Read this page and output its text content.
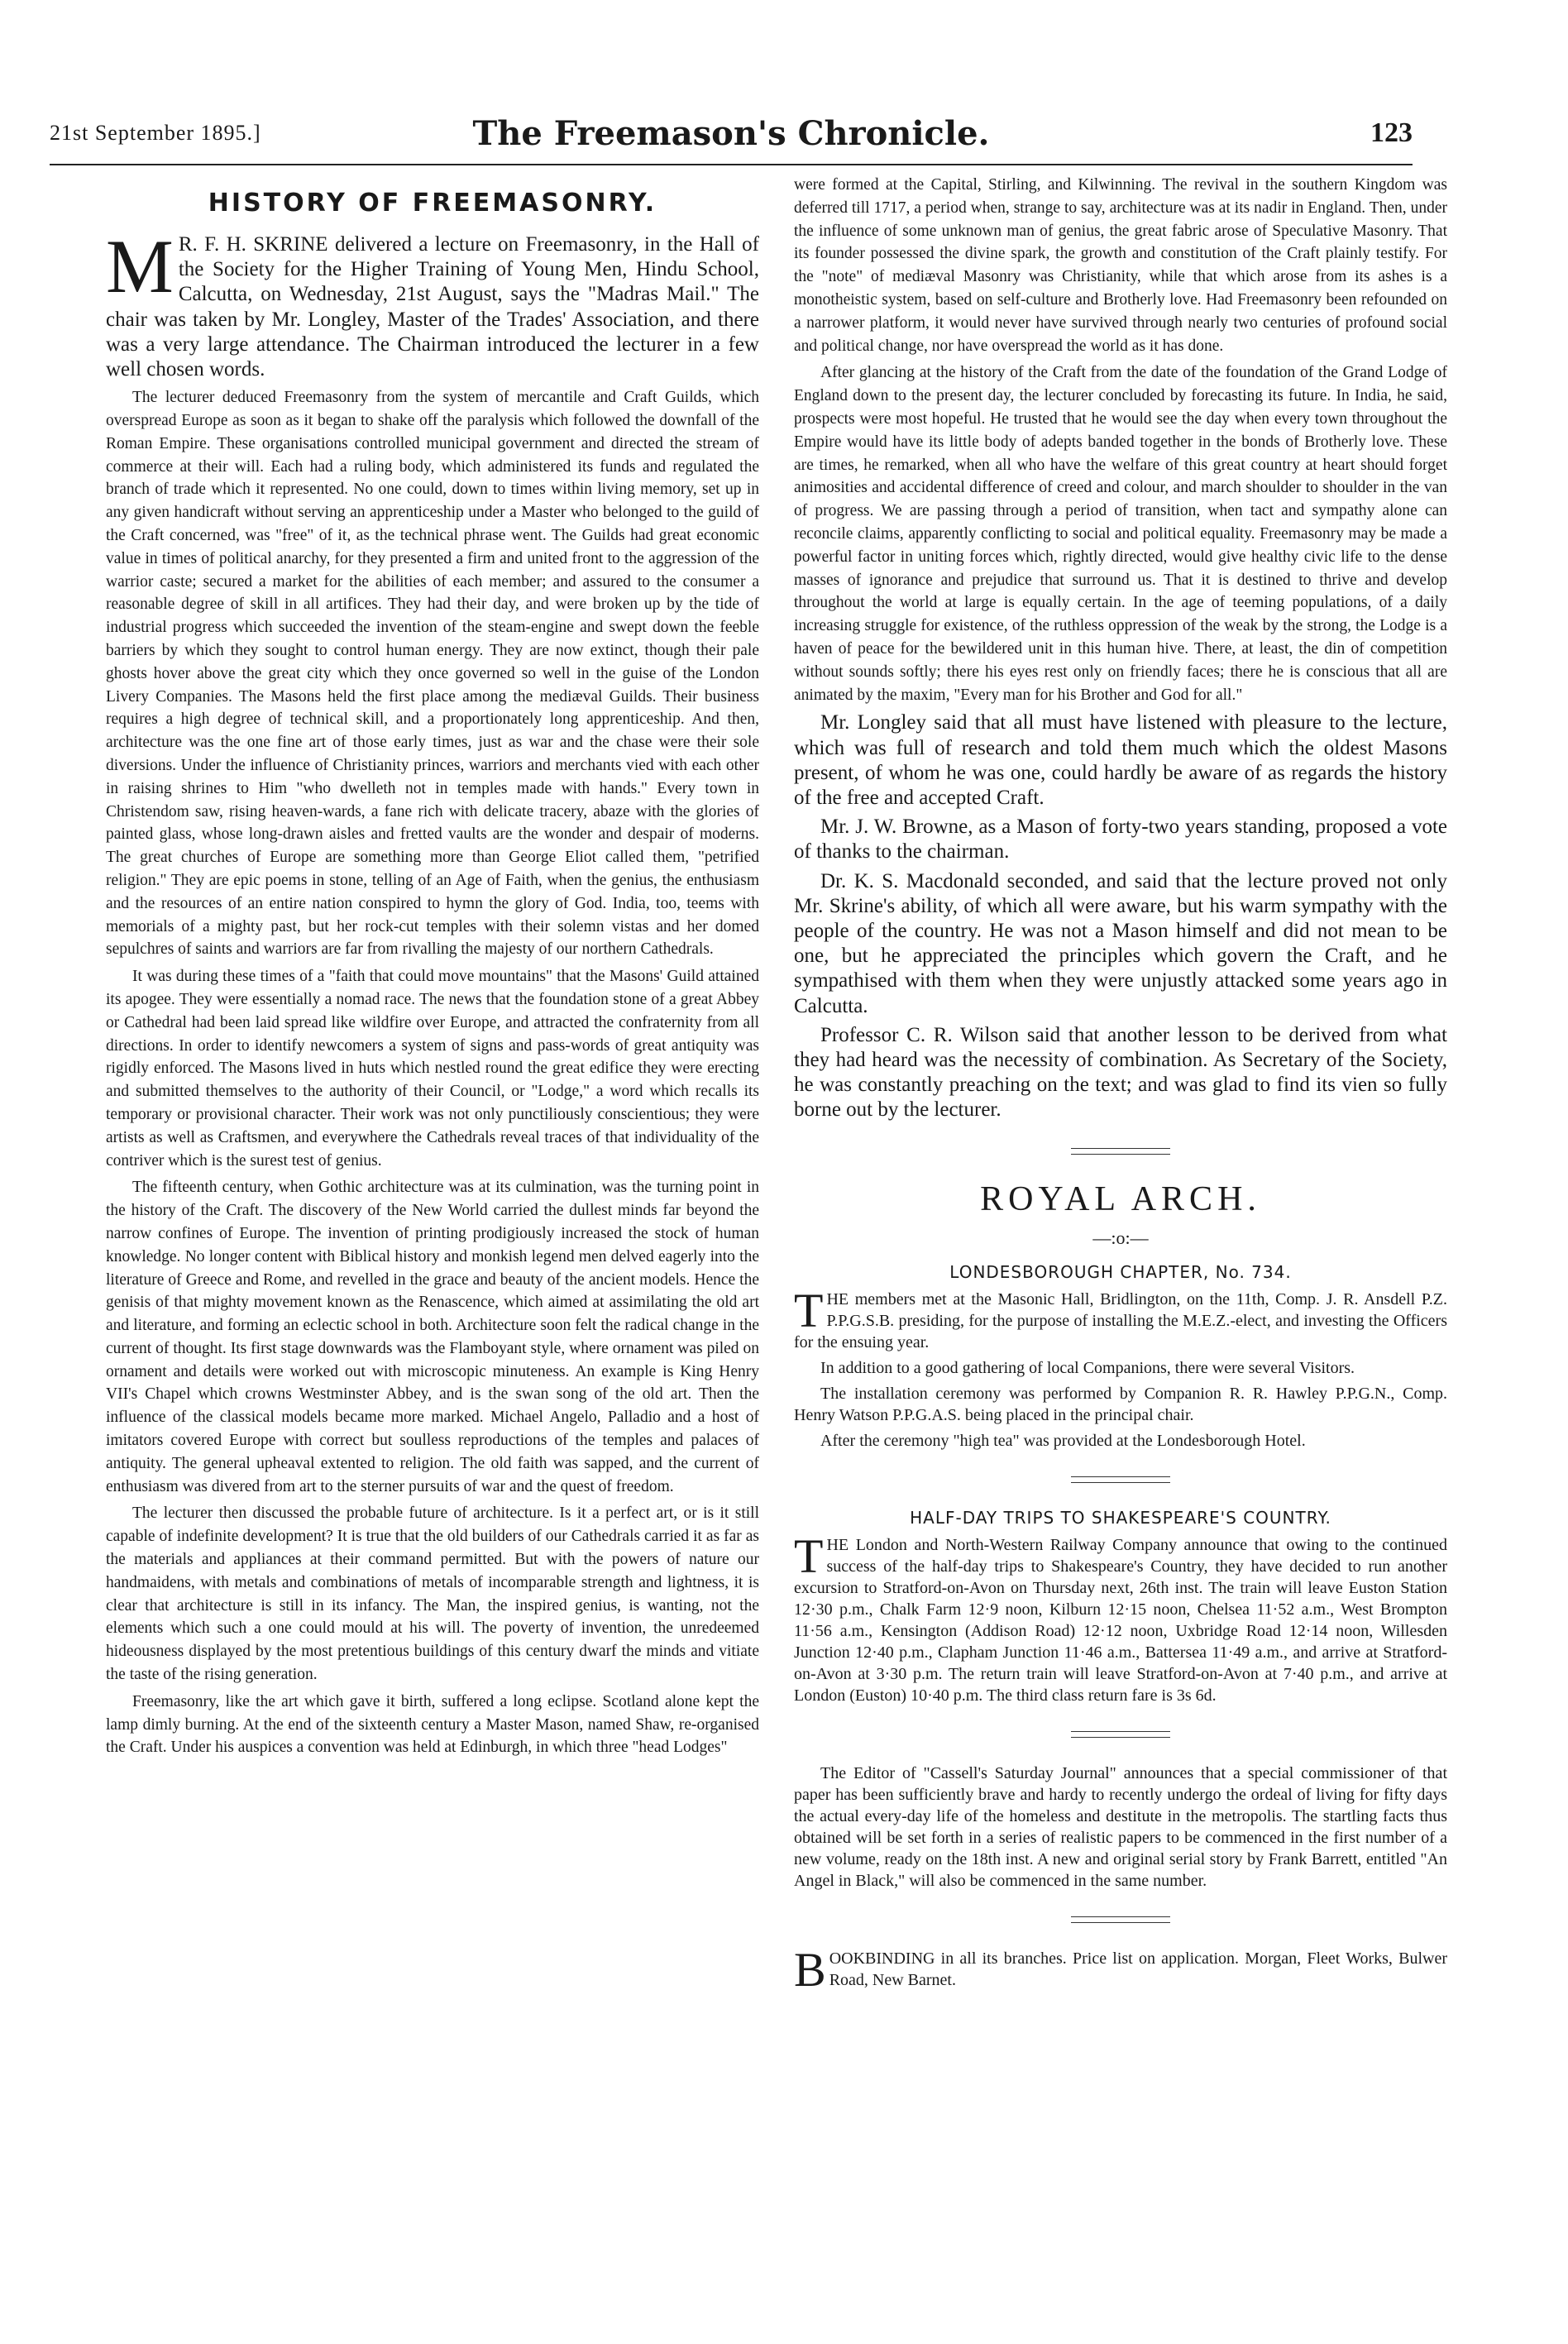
21st September 1895.]	The Freemason's Chronicle.	123
HISTORY OF FREEMASONRY.

M R. F. H. SKRINE delivered a lecture on Freemasonry, in the Hall of the Society for the Higher Training of Young Men, Hindu School, Calcutta, on Wednesday, 21st August, says the "Madras Mail." The chair was taken by Mr. Longley, Master of the Trades' Association, and there was a very large attendance. The Chairman introduced the lecturer in a few well chosen words.

The lecturer deduced Freemasonry from the system of mercantile and Craft Guilds, which overspread Europe as soon as it began to shake off the paralysis which followed the downfall of the Roman Empire. These organisations controlled municipal government and directed the stream of commerce at their will. Each had a ruling body, which administered its funds and regulated the branch of trade which it represented. No one could, down to times within living memory, set up in any given handicraft without serving an apprenticeship under a Master who belonged to the guild of the Craft concerned, was "free" of it, as the technical phrase went. The Guilds had great economic value in times of political anarchy, for they presented a firm and united front to the aggression of the warrior caste; secured a market for the abilities of each member; and assured to the consumer a reasonable degree of skill in all artifices. They had their day, and were broken up by the tide of industrial progress which succeeded the invention of the steam-engine and swept down the feeble barriers by which they sought to control human energy. They are now extinct, though their pale ghosts hover above the great city which they once governed so well in the guise of the London Livery Companies. The Masons held the first place among the mediæval Guilds. Their business requires a high degree of technical skill, and a proportionately long apprenticeship. And then, architecture was the one fine art of those early times, just as war and the chase were their sole diversions. Under the influence of Christianity princes, warriors and merchants vied with each other in raising shrines to Him "who dwelleth not in temples made with hands." Every town in Christendom saw, rising heaven-wards, a fane rich with delicate tracery, abaze with the glories of painted glass, whose long-drawn aisles and fretted vaults are the wonder and despair of moderns. The great churches of Europe are something more than George Eliot called them, "petrified religion." They are epic poems in stone, telling of an Age of Faith, when the genius, the enthusiasm and the resources of an entire nation conspired to hymn the glory of God. India, too, teems with memorials of a mighty past, but her rock-cut temples with their solemn vistas and her domed sepulchres of saints and warriors are far from rivalling the majesty of our northern Cathedrals.

It was during these times of a "faith that could move mountains" that the Masons' Guild attained its apogee. They were essentially a nomad race. The news that the foundation stone of a great Abbey or Cathedral had been laid spread like wildfire over Europe, and attracted the confraternity from all directions. In order to identify newcomers a system of signs and pass-words of great antiquity was rigidly enforced. The Masons lived in huts which nestled round the great edifice they were erecting and submitted themselves to the authority of their Council, or "Lodge," a word which recalls its temporary or provisional character. Their work was not only punctiliously conscientious; they were artists as well as Craftsmen, and everywhere the Cathedrals reveal traces of that individuality of the contriver which is the surest test of genius.

The fifteenth century, when Gothic architecture was at its culmination, was the turning point in the history of the Craft. The discovery of the New World carried the dullest minds far beyond the narrow confines of Europe. The invention of printing prodigiously increased the stock of human knowledge. No longer content with Biblical history and monkish legend men delved eagerly into the literature of Greece and Rome, and revelled in the grace and beauty of the ancient models. Hence the genisis of that mighty movement known as the Renascence, which aimed at assimilating the old art and literature, and forming an eclectic school in both. Architecture soon felt the radical change in the current of thought. Its first stage downwards was the Flamboyant style, where ornament was piled on ornament and details were worked out with microscopic minuteness. An example is King Henry VII's Chapel which crowns Westminster Abbey, and is the swan song of the old art. Then the influence of the classical models became more marked. Michael Angelo, Palladio and a host of imitators covered Europe with correct but soulless reproductions of the temples and palaces of antiquity. The general upheaval extented to religion. The old faith was sapped, and the current of enthusiasm was divered from art to the sterner pursuits of war and the quest of freedom.

The lecturer then discussed the probable future of architecture. Is it a perfect art, or is it still capable of indefinite development? It is true that the old builders of our Cathedrals carried it as far as the materials and appliances at their command permitted. But with the powers of nature our handmaidens, with metals and combinations of metals of incomparable strength and lightness, it is clear that architecture is still in its infancy. The Man, the inspired genius, is wanting, not the elements which such a one could mould at his will. The poverty of invention, the unredeemed hideousness displayed by the most pretentious buildings of this century dwarf the minds and vitiate the taste of the rising generation.

Freemasonry, like the art which gave it birth, suffered a long eclipse. Scotland alone kept the lamp dimly burning. At the end of the sixteenth century a Master Mason, named Shaw, re-organised the Craft. Under his auspices a convention was held at Edinburgh, in which three "head Lodges"

were formed at the Capital, Stirling, and Kilwinning. The revival in the southern Kingdom was deferred till 1717, a period when, strange to say, architecture was at its nadir in England. Then, under the influence of some unknown man of genius, the great fabric arose of Speculative Masonry. That its founder possessed the divine spark, the growth and constitution of the Craft plainly testify. For the "note" of mediæval Masonry was Christianity, while that which arose from its ashes is a monotheistic system, based on self-culture and Brotherly love. Had Freemasonry been refounded on a narrower platform, it would never have survived through nearly two centuries of profound social and political change, nor have overspread the world as it has done.

After glancing at the history of the Craft from the date of the foundation of the Grand Lodge of England down to the present day, the lecturer concluded by forecasting its future. In India, he said, prospects were most hopeful. He trusted that he would see the day when every town throughout the Empire would have its little body of adepts banded together in the bonds of Brotherly love. These are times, he remarked, when all who have the welfare of this great country at heart should forget animosities and accidental difference of creed and colour, and march shoulder to shoulder in the van of progress. We are passing through a period of transition, when tact and sympathy alone can reconcile claims, apparently conflicting to social and political equality. Freemasonry may be made a powerful factor in uniting forces which, rightly directed, would give healthy civic life to the dense masses of ignorance and prejudice that surround us. That it is destined to thrive and develop throughout the world at large is equally certain. In the age of teeming populations, of a daily increasing struggle for existence, of the ruthless oppression of the weak by the strong, the Lodge is a haven of peace for the bewildered unit in this human hive. There, at least, the din of competition without sounds softly; there his eyes rest only on friendly faces; there he is conscious that all are animated by the maxim, "Every man for his Brother and God for all."

Mr. Longley said that all must have listened with pleasure to the lecture, which was full of research and told them much which the oldest Masons present, of whom he was one, could hardly be aware of as regards the history of the free and accepted Craft.

Mr. J. W. Browne, as a Mason of forty-two years standing, proposed a vote of thanks to the chairman.

Dr. K. S. Macdonald seconded, and said that the lecture proved not only Mr. Skrine's ability, of which all were aware, but his warm sympathy with the people of the country. He was not a Mason himself and did not mean to be one, but he appreciated the principles which govern the Craft, and he sympathised with them when they were unjustly attacked some years ago in Calcutta.

Professor C. R. Wilson said that another lesson to be derived from what they had heard was the necessity of combination. As Secretary of the Society, he was constantly preaching on the text; and was glad to find its vien so fully borne out by the lecturer.

ROYAL ARCH.
—:o:—
LONDESBOROUGH CHAPTER, No. 734.

THE members met at the Masonic Hall, Bridlington, on the 11th, Comp. J. R. Ansdell P.Z. P.P.G.S.B. presiding, for the purpose of installing the M.E.Z.-elect, and investing the Officers for the ensuing year.

In addition to a good gathering of local Companions, there were several Visitors.

The installation ceremony was performed by Companion R. R. Hawley P.P.G.N., Comp. Henry Watson P.P.G.A.S. being placed in the principal chair.

After the ceremony "high tea" was provided at the Londesborough Hotel.

HALF-DAY TRIPS TO SHAKESPEARE'S COUNTRY.

THE London and North-Western Railway Company announce that owing to the continued success of the half-day trips to Shakespeare's Country, they have decided to run another excursion to Stratford-on-Avon on Thursday next, 26th inst. The train will leave Euston Station 12·30 p.m., Chalk Farm 12·9 noon, Kilburn 12·15 noon, Chelsea 11·52 a.m., West Brompton 11·56 a.m., Kensington (Addison Road) 12·12 noon, Uxbridge Road 12·14 noon, Willesden Junction 12·40 p.m., Clapham Junction 11·46 a.m., Battersea 11·49 a.m., and arrive at Stratford-on-Avon at 3·30 p.m. The return train will leave Stratford-on-Avon at 7·40 p.m., and arrive at London (Euston) 10·40 p.m. The third class return fare is 3s 6d.

The Editor of "Cassell's Saturday Journal" announces that a special commissioner of that paper has been sufficiently brave and hardy to recently undergo the ordeal of living for fifty days the actual every-day life of the homeless and destitute in the metropolis. The startling facts thus obtained will be set forth in a series of realistic papers to be commenced in the first number of a new volume, ready on the 18th inst. A new and original serial story by Frank Barrett, entitled "An Angel in Black," will also be commenced in the same number.

BOOKBINDING in all its branches. Price list on application. Morgan, Fleet Works, Bulwer Road, New Barnet.
